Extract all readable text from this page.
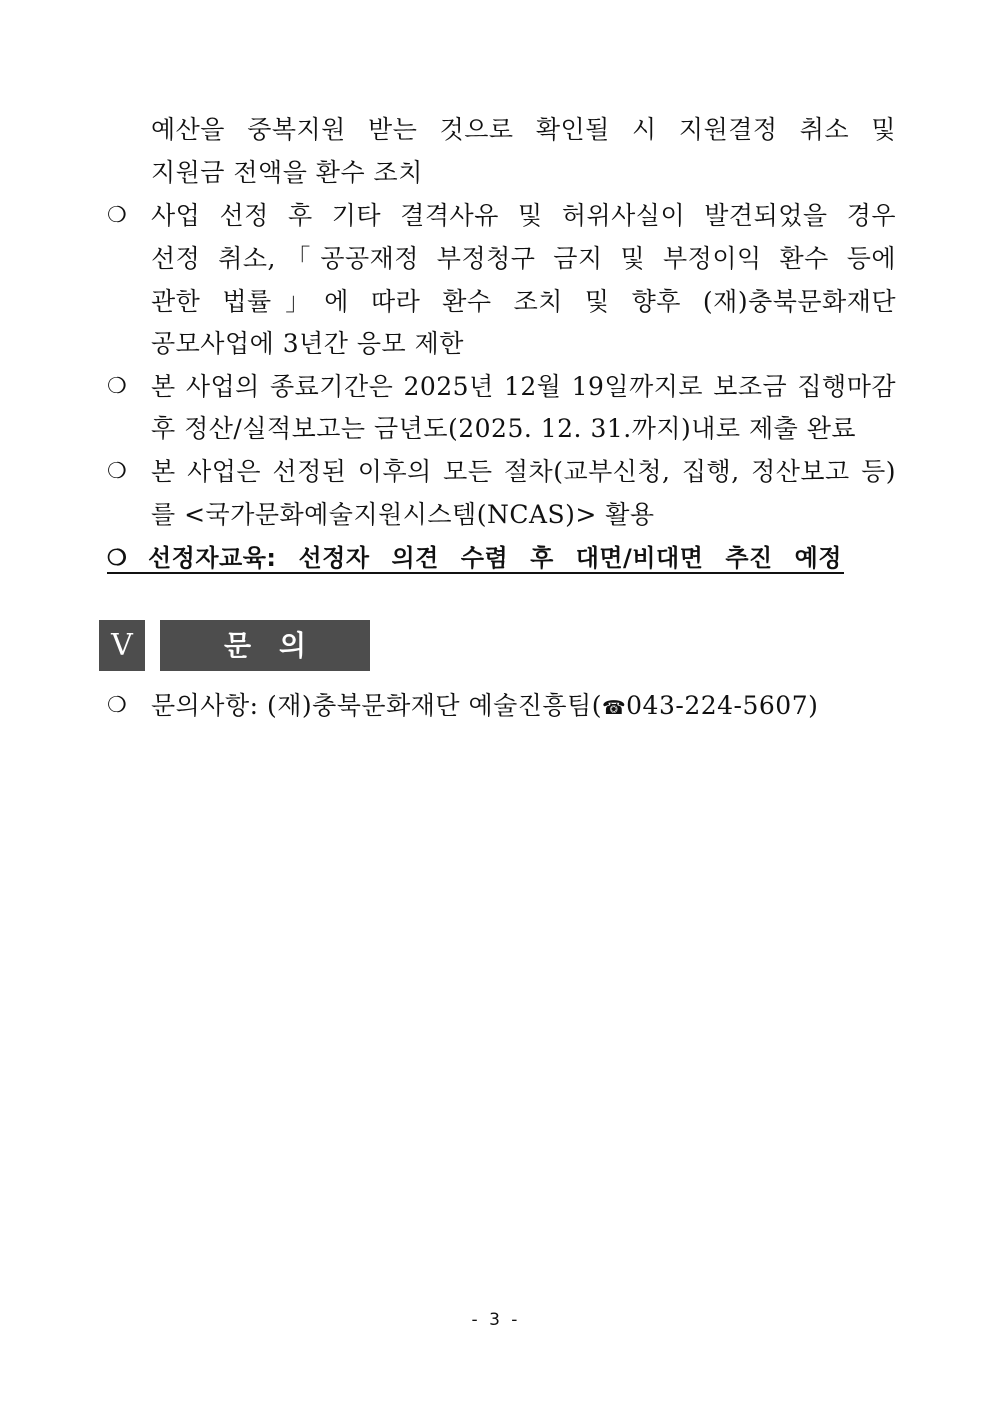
예산을 중복지원 받는 것으로 확인될 시 지원결정 취소 및
지원금 전액을 환수 조치
❍ 사업 선정 후 기타 결격사유 및 허위사실이 발견되었을 경우
선정 취소,「공공재정 부정청구 금지 및 부정이익 환수 등에
관한 법률」에 따라 환수 조치 및 향후 (재)충북문화재단
공모사업에 3년간 응모 제한
❍ 본 사업의 종료기간은 2025년 12월 19일까지로 보조금 집행마감
후 정산/실적보고는 금년도(2025. 12. 31.까지)내로 제출 완료
❍ 본 사업은 선정된 이후의 모든 절차(교부신청, 집행, 정산보고 등)
를 <국가문화예술지원시스템(NCAS)> 활용
❍ 선정자교육: 선정자 의견 수렴 후 대면/비대면 추진 예정
Ⅴ	문의
❍ 문의사항: (재)충북문화재단 예술진흥팀(☎043-224-5607)
- 3 -
